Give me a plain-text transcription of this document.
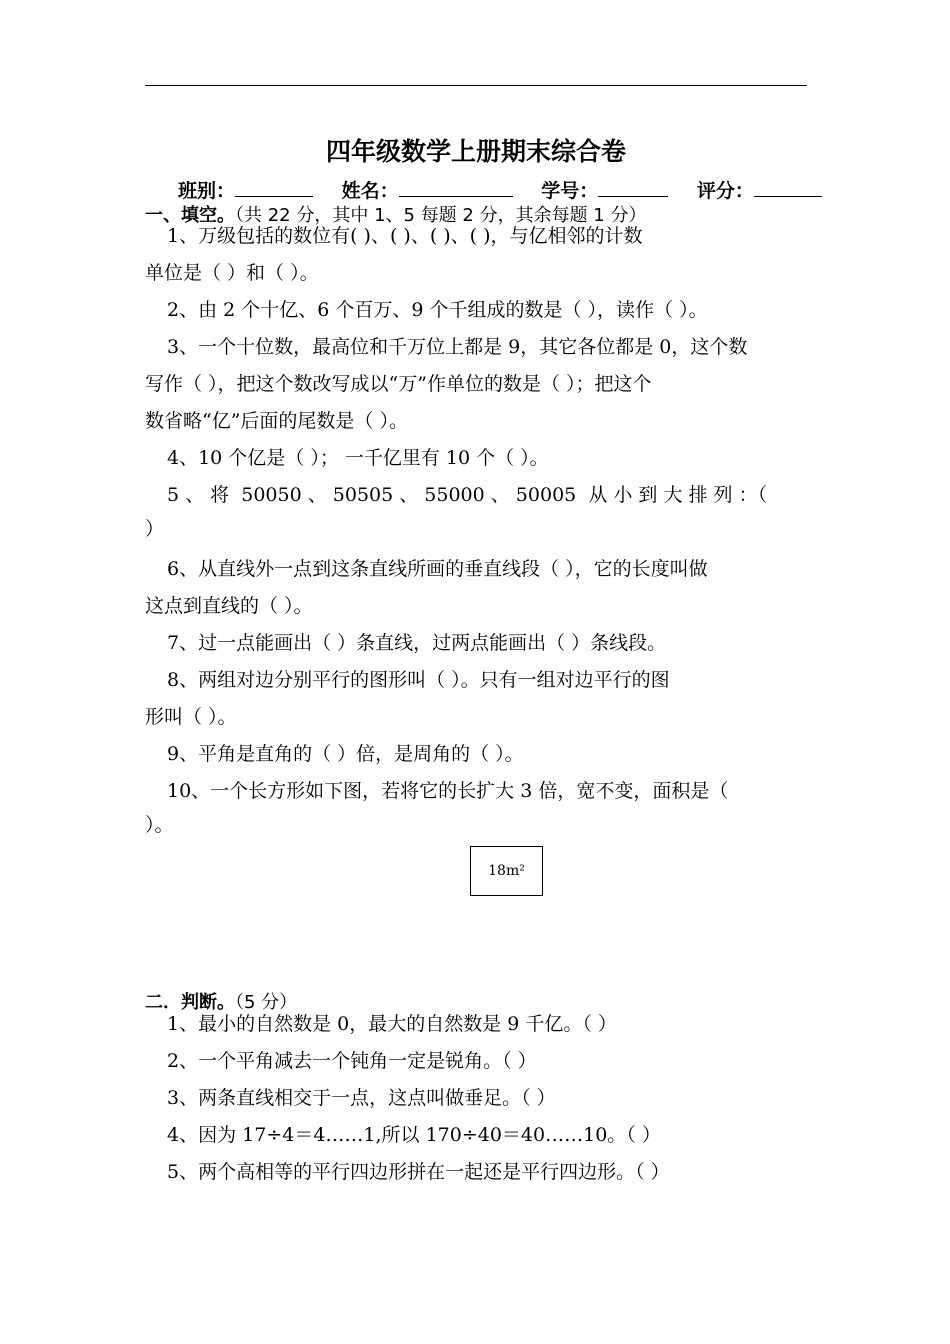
四年级数学上册期末综合卷
班别：	姓名：	学号：	评分：
一、填空。（共 22 分，其中 1、5 每题 2 分，其余每题 1 分）
1、万级包括的数位有( )、( )、( )、( )，与亿相邻的计数
单位是（ ）和（ ）。
2、由 2 个十亿、6 个百万、9 个千组成的数是（ ），读作（ ）。
3、一个十位数，最高位和千万位上都是 9，其它各位都是 0，这个数
写作（ ），把这个数改写成以“万”作单位的数是（ ）；把这个
数省略“亿”后面的尾数是（ ）。
4、10 个亿是（ ）； 一千亿里有 10 个（ ）。
5 、 将  50050 、 50505 、 55000 、 50005  从 小 到 大 排 列 ：（
）
6、从直线外一点到这条直线所画的垂直线段（ ），它的长度叫做
这点到直线的（ ）。
7、过一点能画出（ ）条直线，过两点能画出（ ）条线段。
8、两组对边分别平行的图形叫（ ）。只有一组对边平行的图
形叫（ ）。
9、平角是直角的（ ）倍，是周角的（ ）。
10、一个长方形如下图，若将它的长扩大 3 倍，宽不变，面积是（
）。
18m²
二．判断。（5 分）
1、最小的自然数是 0，最大的自然数是 9 千亿。（ ）
2、一个平角减去一个钝角一定是锐角。（ ）
3、两条直线相交于一点，这点叫做垂足。（ ）
4、因为 17÷4＝4……1,所以 170÷40＝40……10。（ ）
5、两个高相等的平行四边形拼在一起还是平行四边形。（ ）
